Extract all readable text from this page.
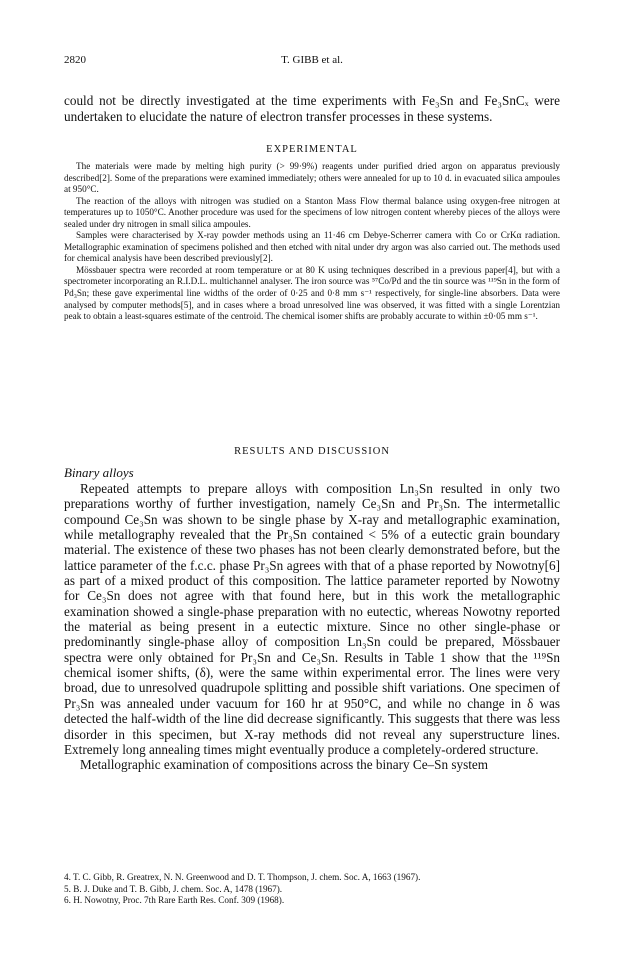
2820	T. GIBB et al.
could not be directly investigated at the time experiments with Fe₃Sn and Fe₃SnCₓ were undertaken to elucidate the nature of electron transfer processes in these systems.
EXPERIMENTAL

The materials were made by melting high purity (> 99·9%) reagents under purified dried argon on apparatus previously described[2]. Some of the preparations were examined immediately; others were annealed for up to 10 d. in evacuated silica ampoules at 950°C.

The reaction of the alloys with nitrogen was studied on a Stanton Mass Flow thermal balance using oxygen-free nitrogen at temperatures up to 1050°C. Another procedure was used for the specimens of low nitrogen content whereby pieces of the alloys were sealed under dry nitrogen in small silica ampoules.

Samples were characterised by X-ray powder methods using an 11·46 cm Debye-Scherrer camera with Co or CrKα radiation. Metallographic examination of specimens polished and then etched with nital under dry argon was also carried out. The methods used for chemical analysis have been described previously[2].

Mössbauer spectra were recorded at room temperature or at 80 K using techniques described in a previous paper[4], but with a spectrometer incorporating an R.I.D.L. multichannel analyser. The iron source was ⁵⁷Co/Pd and the tin source was ¹¹⁹Sn in the form of Pd₃Sn; these gave experimental line widths of the order of 0·25 and 0·8 mm s⁻¹ respectively, for single-line absorbers. Data were analysed by computer methods[5], and in cases where a broad unresolved line was observed, it was fitted with a single Lorentzian peak to obtain a least-squares estimate of the centroid. The chemical isomer shifts are probably accurate to within ±0·05 mm s⁻¹.

RESULTS AND DISCUSSION
Binary alloys

Repeated attempts to prepare alloys with composition Ln₃Sn resulted in only two preparations worthy of further investigation, namely Ce₃Sn and Pr₃Sn. The intermetallic compound Ce₃Sn was shown to be single phase by X-ray and metallographic examination, while metallography revealed that the Pr₃Sn contained < 5% of a eutectic grain boundary material. The existence of these two phases has not been clearly demonstrated before, but the lattice parameter of the f.c.c. phase Pr₃Sn agrees with that of a phase reported by Nowotny[6] as part of a mixed product of this composition. The lattice parameter reported by Nowotny for Ce₃Sn does not agree with that found here, but in this work the metallographic examination showed a single-phase preparation with no eutectic, whereas Nowotny reported the material as being present in a eutectic mixture. Since no other single-phase or predominantly single-phase alloy of composition Ln₃Sn could be prepared, Mössbauer spectra were only obtained for Pr₃Sn and Ce₃Sn. Results in Table 1 show that the ¹¹⁹Sn chemical isomer shifts, (δ), were the same within experimental error. The lines were very broad, due to unresolved quadrupole splitting and possible shift variations. One specimen of Pr₃Sn was annealed under vacuum for 160 hr at 950°C, and while no change in δ was detected the half-width of the line did decrease significantly. This suggests that there was less disorder in this specimen, but X-ray methods did not reveal any superstructure lines. Extremely long annealing times might eventually produce a completely-ordered structure.

Metallographic examination of compositions across the binary Ce–Sn system

4. T. C. Gibb, R. Greatrex, N. N. Greenwood and D. T. Thompson, J. chem. Soc. A, 1663 (1967).
5. B. J. Duke and T. B. Gibb, J. chem. Soc. A, 1478 (1967).
6. H. Nowotny, Proc. 7th Rare Earth Res. Conf. 309 (1968).
